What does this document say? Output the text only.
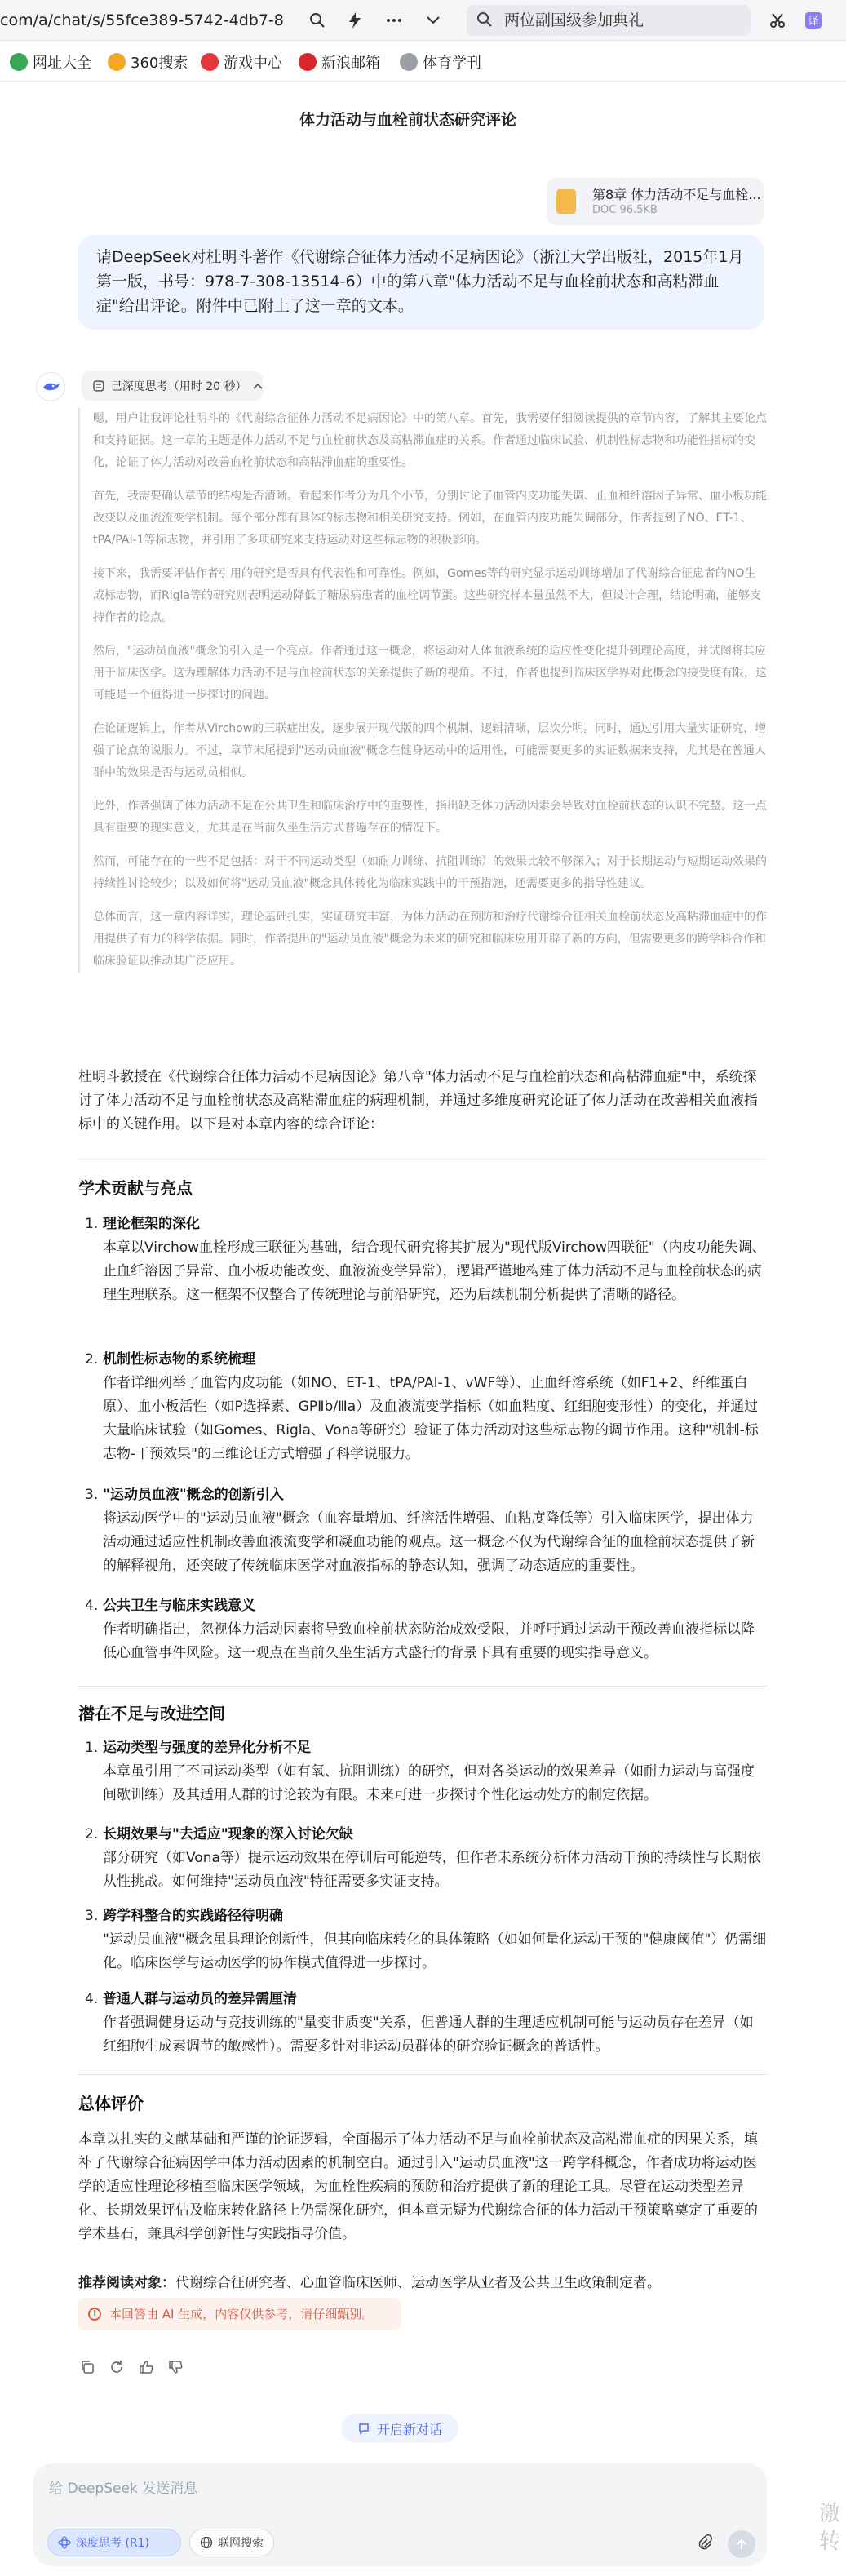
com/a/chat/s/55fce389-5742-4db7-8	两位副国级参加典礼	译
网址大全	360搜索 游戏中心	新浪邮箱	体育学刊
体力活动与血栓前状态研究评论
第8章 体力活动不足与血栓...
DOC 96.5KB
请DeepSeek对杜明斗著作《代谢综合征体力活动不足病因论》（浙江大学出版社，2015年1月第一版，书号：978-7-308-13514-6）中的第八章"体力活动不足与血栓前状态和高粘滞血症"给出评论。附件中已附上了这一章的文本。
已深度思考（用时 20 秒）

嗯，用户让我评论杜明斗的《代谢综合征体力活动不足病因论》中的第八章。首先，我需要仔细阅读提供的章节内容，了解其主要论点和支持证据。这一章的主题是体力活动不足与血栓前状态及高粘滞血症的关系。作者通过临床试验、机制性标志物和功能性指标的变化，论证了体力活动对改善血栓前状态和高粘滞血症的重要性。

首先，我需要确认章节的结构是否清晰。看起来作者分为几个小节，分别讨论了血管内皮功能失调、止血和纤溶因子异常、血小板功能改变以及血流流变学机制。每个部分都有具体的标志物和相关研究支持。例如，在血管内皮功能失调部分，作者提到了NO、ET-1、tPA/PAI-1等标志物，并引用了多项研究来支持运动对这些标志物的积极影响。

接下来，我需要评估作者引用的研究是否具有代表性和可靠性。例如，Gomes等的研究显示运动训练增加了代谢综合征患者的NO生成标志物，而Rigla等的研究则表明运动降低了糖尿病患者的血栓调节蛋。这些研究样本量虽然不大，但设计合理，结论明确，能够支持作者的论点。

然后，"运动员血液"概念的引入是一个亮点。作者通过这一概念，将运动对人体血液系统的适应性变化提升到理论高度，并试图将其应用于临床医学。这为理解体力活动不足与血栓前状态的关系提供了新的视角。不过，作者也提到临床医学界对此概念的接受度有限，这可能是一个值得进一步探讨的问题。

在论证逻辑上，作者从Virchow的三联症出发，逐步展开现代版的四个机制，逻辑清晰，层次分明。同时，通过引用大量实证研究，增强了论点的说服力。不过，章节末尾提到"运动员血液"概念在健身运动中的适用性，可能需要更多的实证数据来支持，尤其是在普通人群中的效果是否与运动员相似。

此外，作者强调了体力活动不足在公共卫生和临床治疗中的重要性，指出缺乏体力活动因素会导致对血栓前状态的认识不完整。这一点具有重要的现实意义，尤其是在当前久坐生活方式普遍存在的情况下。

然而，可能存在的一些不足包括：对于不同运动类型（如耐力训练、抗阻训练）的效果比较不够深入；对于长期运动与短期运动效果的持续性讨论较少；以及如何将"运动员血液"概念具体转化为临床实践中的干预措施，还需要更多的指导性建议。

总体而言，这一章内容详实，理论基础扎实，实证研究丰富，为体力活动在预防和治疗代谢综合征相关血栓前状态及高粘滞血症中的作用提供了有力的科学依据。同时，作者提出的"运动员血液"概念为未来的研究和临床应用开辟了新的方向，但需要更多的跨学科合作和临床验证以推动其广泛应用。

杜明斗教授在《代谢综合征体力活动不足病因论》第八章"体力活动不足与血栓前状态和高粘滞血症"中，系统探讨了体力活动不足与血栓前状态及高粘滞血症的病理机制，并通过多维度研究论证了体力活动在改善相关血液指标中的关键作用。以下是对本章内容的综合评论：

学术贡献与亮点
1. 理论框架的深化
本章以Virchow血栓形成三联征为基础，结合现代研究将其扩展为"现代版Virchow四联征"（内皮功能失调、止血纤溶因子异常、血小板功能改变、血液流变学异常），逻辑严谨地构建了体力活动不足与血栓前状态的病理生理联系。这一框架不仅整合了传统理论与前沿研究，还为后续机制分析提供了清晰的路径。
2. 机制性标志物的系统梳理
作者详细列举了血管内皮功能（如NO、ET-1、tPA/PAI-1、vWF等）、止血纤溶系统（如F1+2、纤维蛋白原）、血小板活性（如P选择素、GPⅡb/Ⅲa）及血液流变学指标（如血粘度、红细胞变形性）的变化，并通过大量临床试验（如Gomes、Rigla、Vona等研究）验证了体力活动对这些标志物的调节作用。这种"机制-标志物-干预效果"的三维论证方式增强了科学说服力。
3. "运动员血液"概念的创新引入
将运动医学中的"运动员血液"概念（血容量增加、纤溶活性增强、血粘度降低等）引入临床医学，提出体力活动通过适应性机制改善血液流变学和凝血功能的观点。这一概念不仅为代谢综合征的血栓前状态提供了新的解释视角，还突破了传统临床医学对血液指标的静态认知，强调了动态适应的重要性。
4. 公共卫生与临床实践意义
作者明确指出，忽视体力活动因素将导致血栓前状态防治成效受限，并呼吁通过运动干预改善血液指标以降低心血管事件风险。这一观点在当前久坐生活方式盛行的背景下具有重要的现实指导意义。
潜在不足与改进空间
1. 运动类型与强度的差异化分析不足
本章虽引用了不同运动类型（如有氧、抗阻训练）的研究，但对各类运动的效果差异（如耐力运动与高强度间歇训练）及其适用人群的讨论较为有限。未来可进一步探讨个性化运动处方的制定依据。
2. 长期效果与"去适应"现象的深入讨论欠缺
部分研究（如Vona等）提示运动效果在停训后可能逆转，但作者未系统分析体力活动干预的持续性与长期依从性挑战。如何维持"运动员血液"特征需要多实证支持。
3. 跨学科整合的实践路径待明确
"运动员血液"概念虽具理论创新性，但其向临床转化的具体策略（如如何量化运动干预的"健康阈值"）仍需细化。临床医学与运动医学的协作模式值得进一步探讨。
4. 普通人群与运动员的差异需厘清
作者强调健身运动与竞技训练的"量变非质变"关系，但普通人群的生理适应机制可能与运动员存在差异（如红细胞生成素调节的敏感性）。需要多针对非运动员群体的研究验证概念的普适性。
总体评价

本章以扎实的文献基础和严谨的论证逻辑，全面揭示了体力活动不足与血栓前状态及高粘滞血症的因果关系，填补了代谢综合征病因学中体力活动因素的机制空白。通过引入"运动员血液"这一跨学科概念，作者成功将运动医学的适应性理论移植至临床医学领域，为血栓性疾病的预防和治疗提供了新的理论工具。尽管在运动类型差异化、长期效果评估及临床转化路径上仍需深化研究，但本章无疑为代谢综合征的体力活动干预策略奠定了重要的学术基石，兼具科学创新性与实践指导价值。

推荐阅读对象：代谢综合征研究者、心血管临床医师、运动医学从业者及公共卫生政策制定者。

!	本回答由 AI 生成，内容仅供参考，请仔细甄别。
开启新对话
给 DeepSeek 发送消息
深度思考 (R1)	联网搜索
激转
